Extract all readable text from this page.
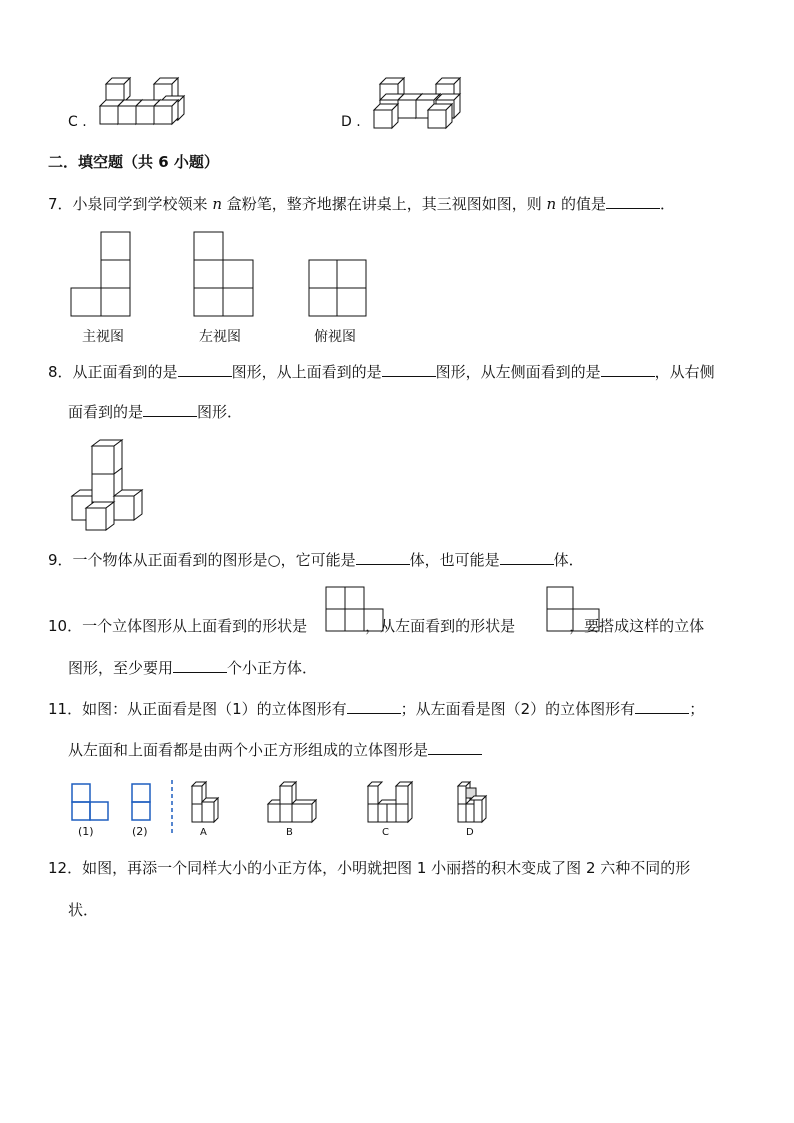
C .	D .
二．填空题（共 6 小题）
7．小泉同学到学校领来 n 盒粉笔，整齐地摞在讲桌上，其三视图如图，则 n 的值是	．
主视图	左视图	俯视图
8．从正面看到的是	图形，从上面看到的是	图形，从左侧面看到的是	，从右侧
面看到的是	图形．
9．一个物体从正面看到的图形是○，它可能是	体，也可能是	体．
10．一个立体图形从上面看到的形状是	，从左面看到的形状是	，要搭成这样的立体
图形，至少要用	个小正方体．
11．如图：从正面看是图（1）的立体图形有	；从左面看是图（2）的立体图形有	；
从左面和上面看都是由两个小正方形组成的立体图形是
(1)	(2)	A	B	C	D
12．如图，再添一个同样大小的小正方体，小明就把图 1 小丽搭的积木变成了图 2 六种不同的形
状．
